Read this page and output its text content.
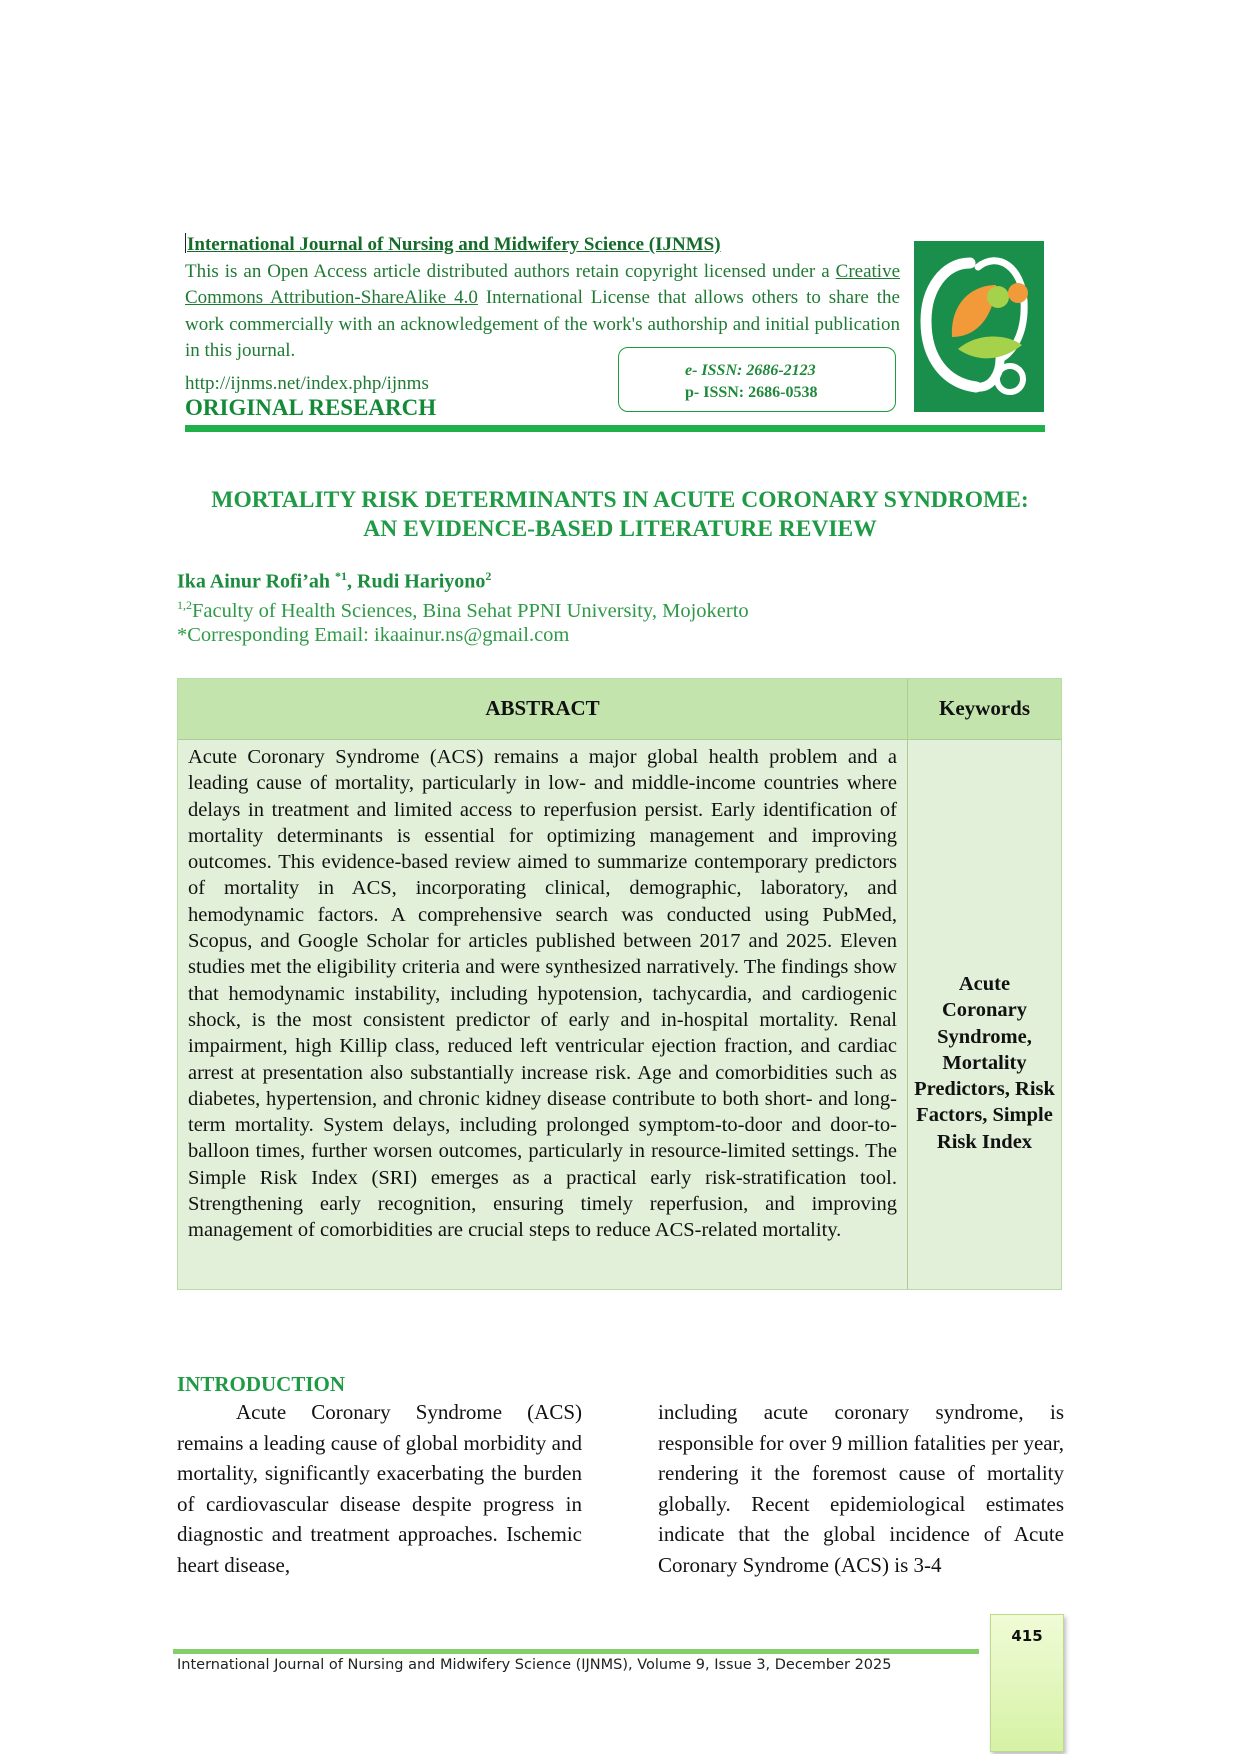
International Journal of Nursing and Midwifery Science (IJNMS)
This is an Open Access article distributed authors retain copyright licensed under a Creative Commons Attribution-ShareAlike 4.0 International License that allows others to share the work commercially with an acknowledgement of the work's authorship and initial publication in this journal.
http://ijnms.net/index.php/ijnms
ORIGINAL RESEARCH
e- ISSN: 2686-2123
p- ISSN: 2686-0538
MORTALITY RISK DETERMINANTS IN ACUTE CORONARY SYNDROME:
AN EVIDENCE-BASED LITERATURE REVIEW
Ika Ainur Rofi’ah $^{*1}$, Rudi Hariyono$^2$
$^{1,2}$Faculty of Health Sciences, Bina Sehat PPNI University, Mojokerto
*Corresponding Email: ikaainur.ns@gmail.com
ABSTRACT	Keywords

Acute Coronary Syndrome (ACS) remains a major global health problem and a leading cause of mortality, particularly in low- and middle-income countries where delays in treatment and limited access to reperfusion persist. Early identification of mortality determinants is essential for optimizing management and improving outcomes. This evidence-based review aimed to summarize contemporary predictors of mortality in ACS, incorporating clinical, demographic, laboratory, and hemodynamic factors. A comprehensive search was conducted using PubMed, Scopus, and Google Scholar for articles published between 2017 and 2025. Eleven studies met the eligibility criteria and were synthesized narratively. The findings show that hemodynamic instability, including hypotension, tachycardia, and cardiogenic shock, is the most consistent predictor of early and in-hospital mortality. Renal impairment, high Killip class, reduced left ventricular ejection fraction, and cardiac arrest at presentation also substantially increase risk. Age and comorbidities such as diabetes, hypertension, and chronic kidney disease contribute to both short- and long-term mortality. System delays, including prolonged symptom-to-door and door-to-balloon times, further worsen outcomes, particularly in resource-limited settings. The Simple Risk Index (SRI) emerges as a practical early risk-stratification tool. Strengthening early recognition, ensuring timely reperfusion, and improving management of comorbidities are crucial steps to reduce ACS-related mortality.

Acute Coronary Syndrome, Mortality Predictors, Risk Factors, Simple Risk Index
INTRODUCTION

Acute Coronary Syndrome (ACS) remains a leading cause of global morbidity and mortality, significantly exacerbating the burden of cardiovascular disease despite progress in diagnostic and treatment approaches. Ischemic heart disease,

including acute coronary syndrome, is responsible for over 9 million fatalities per year, rendering it the foremost cause of mortality globally. Recent epidemiological estimates indicate that the global incidence of Acute Coronary Syndrome (ACS) is 3-4

International Journal of Nursing and Midwifery Science (IJNMS), Volume 9, Issue 3, December 2025
415
